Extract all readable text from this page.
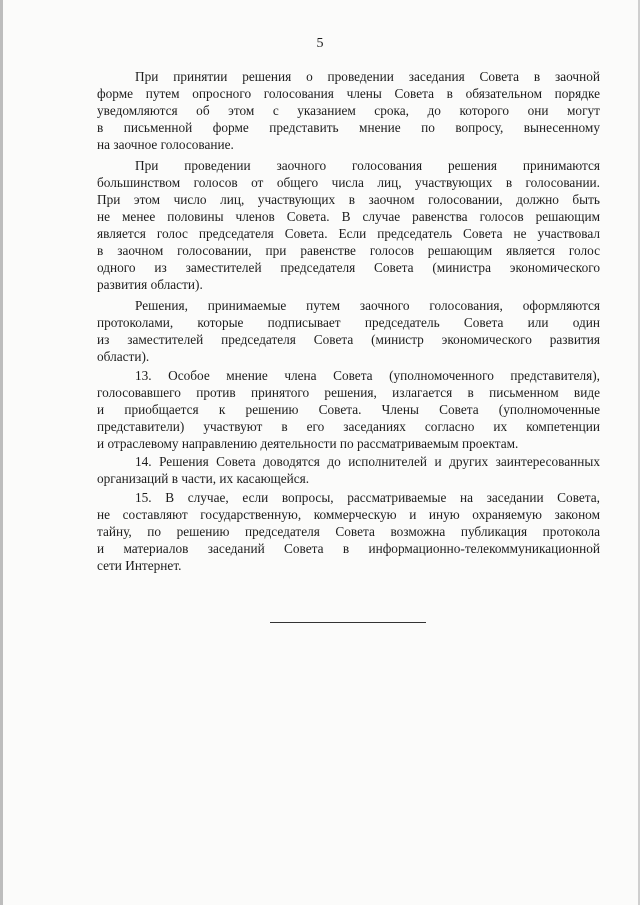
5
При принятии решения о проведении заседания Совета в заочной
форме путем опросного голосования члены Совета в обязательном порядке
уведомляются об этом с указанием срока, до которого они могут
в письменной форме представить мнение по вопросу, вынесенному
на заочное голосование.
При проведении заочного голосования решения принимаются
большинством голосов от общего числа лиц, участвующих в голосовании.
При этом число лиц, участвующих в заочном голосовании, должно быть
не менее половины членов Совета. В случае равенства голосов решающим
является голос председателя Совета. Если председатель Совета не участвовал
в заочном голосовании, при равенстве голосов решающим является голос
одного из заместителей председателя Совета (министра экономического
развития области).
Решения, принимаемые путем заочного голосования, оформляются
протоколами, которые подписывает председатель Совета или один
из заместителей председателя Совета (министр экономического развития
области).
13. Особое мнение члена Совета (уполномоченного представителя),
голосовавшего против принятого решения, излагается в письменном виде
и приобщается к решению Совета. Члены Совета (уполномоченные
представители) участвуют в его заседаниях согласно их компетенции
и отраслевому направлению деятельности по рассматриваемым проектам.
14. Решения Совета доводятся до исполнителей и других заинтересованных
организаций в части, их касающейся.
15. В случае, если вопросы, рассматриваемые на заседании Совета,
не составляют государственную, коммерческую и иную охраняемую законом
тайну, по решению председателя Совета возможна публикация протокола
и материалов заседаний Совета в информационно-телекоммуникационной
сети Интернет.
